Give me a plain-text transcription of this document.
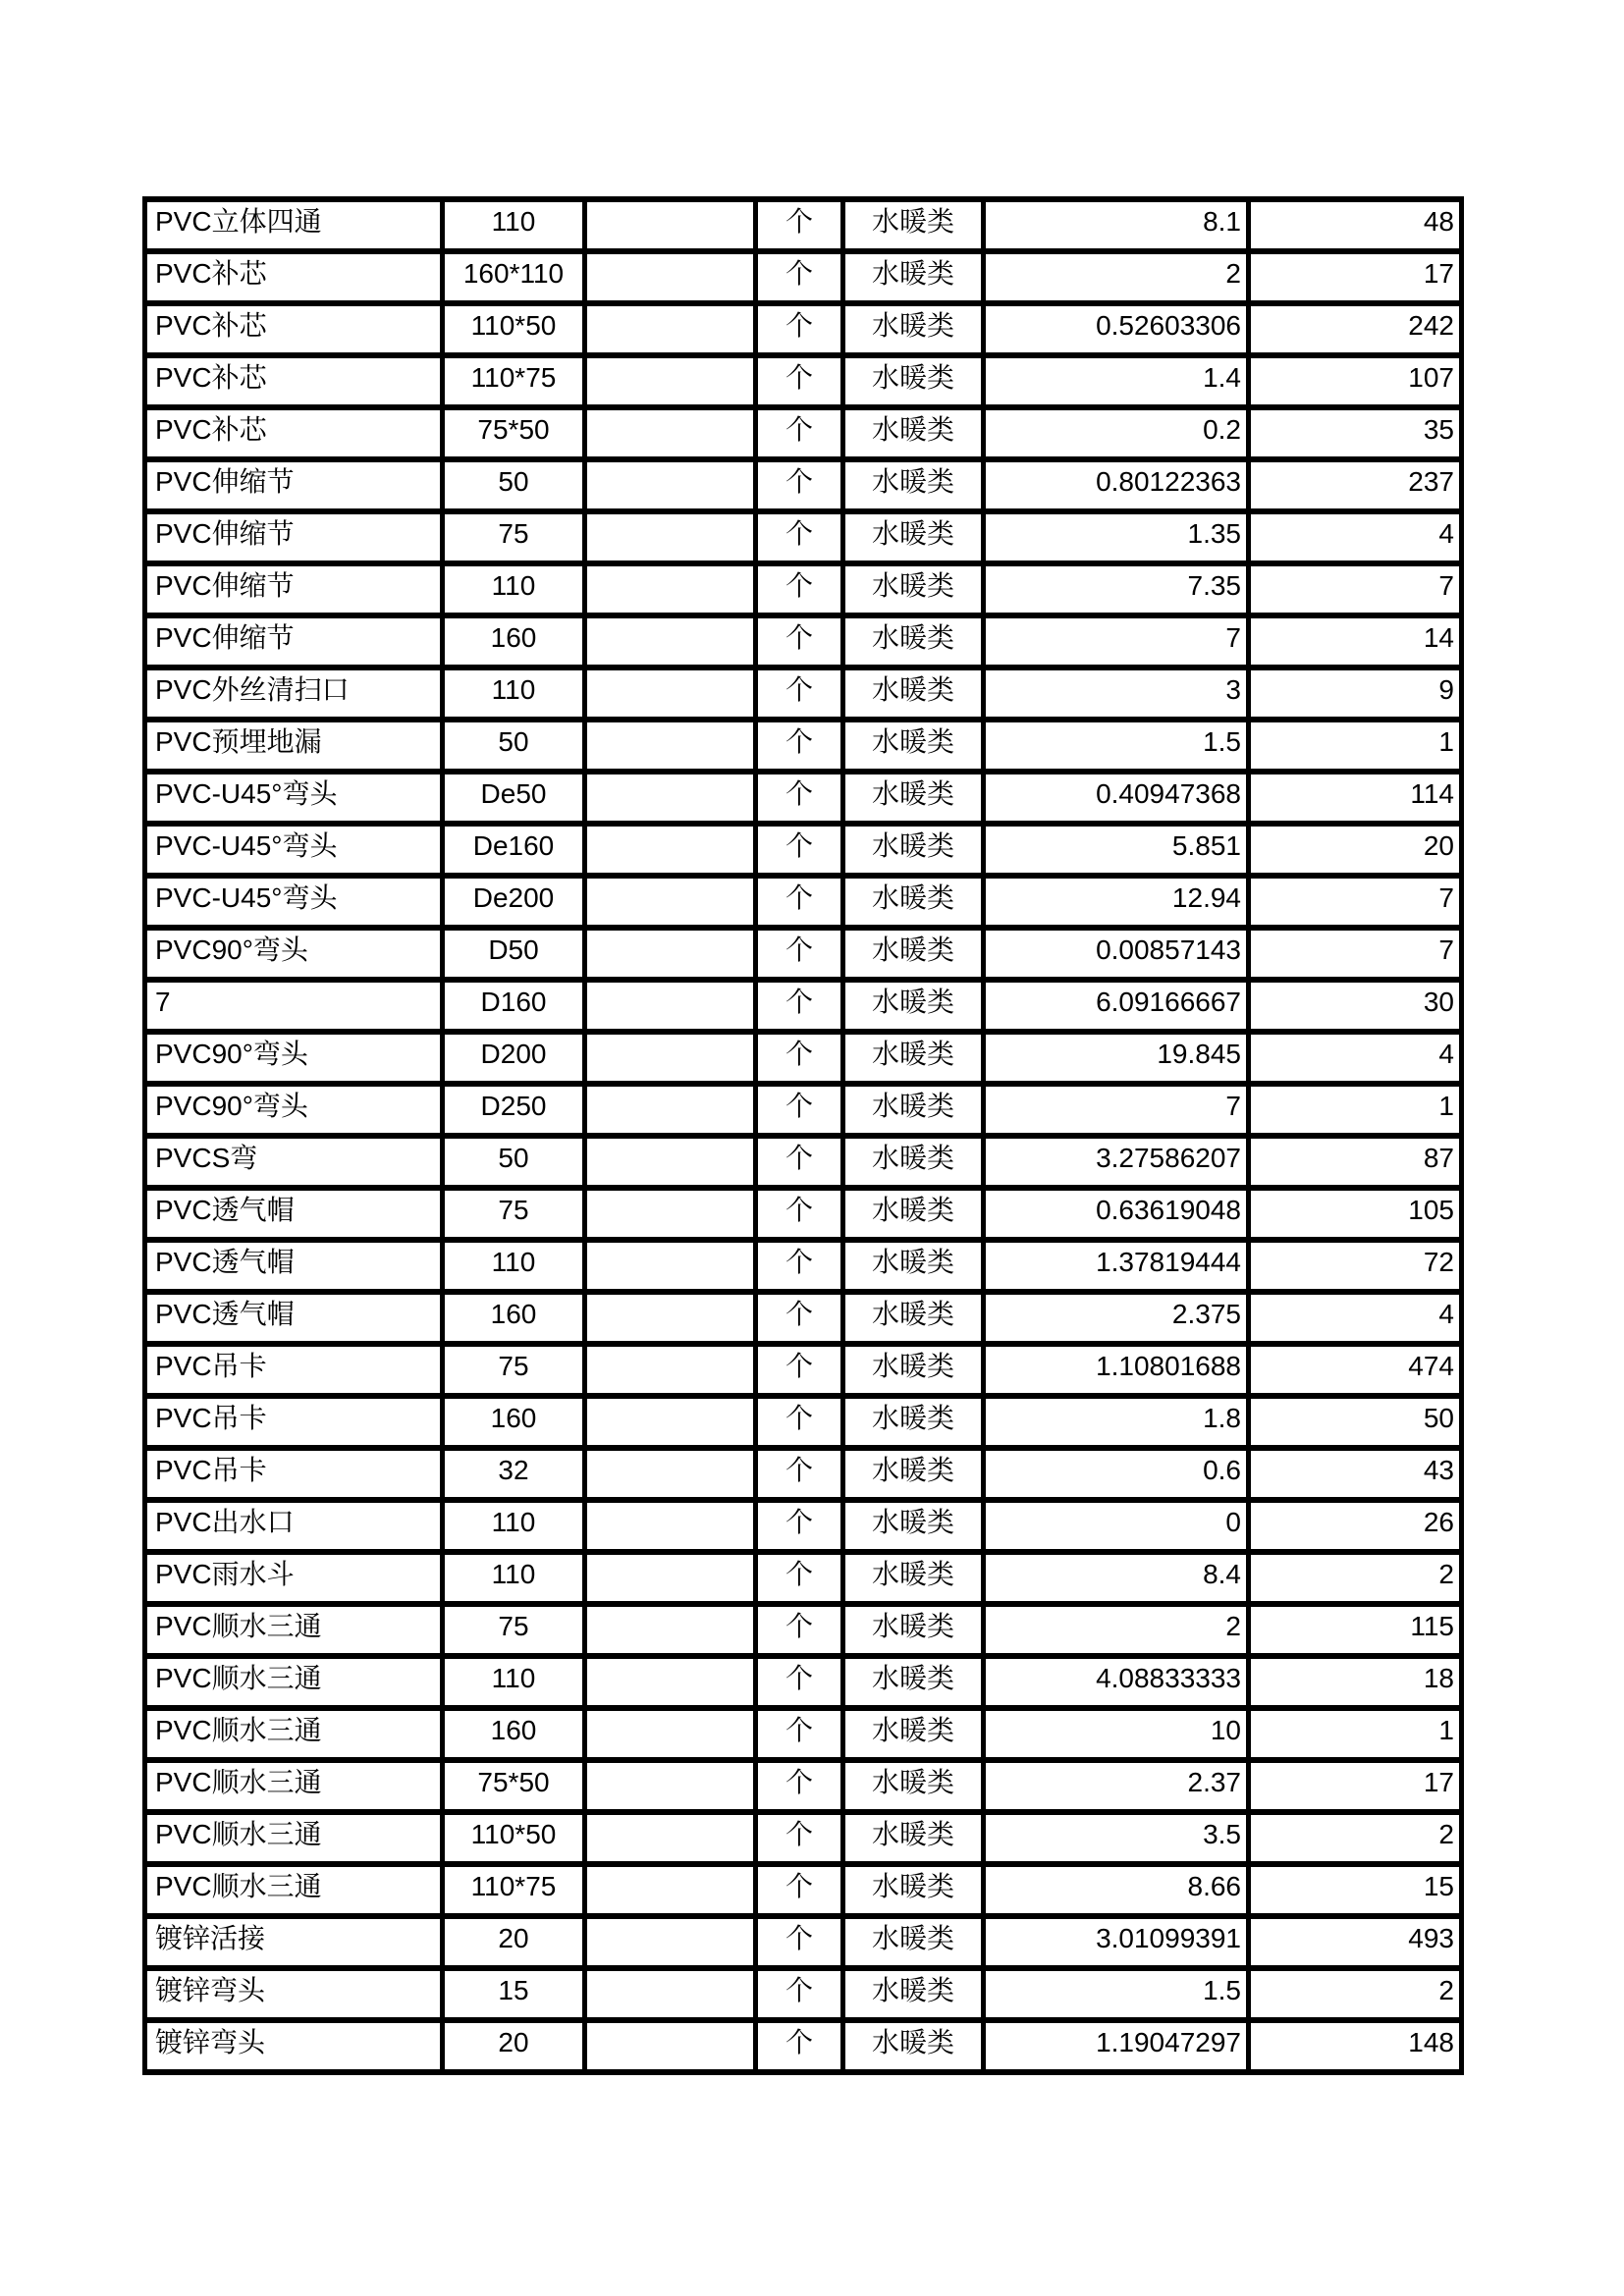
PVC立体四通	110		个	水暖类	8.1	48
PVC补芯	160*110		个	水暖类	2	17
PVC补芯	110*50		个	水暖类	0.52603306	242
PVC补芯	110*75		个	水暖类	1.4	107
PVC补芯	75*50		个	水暖类	0.2	35
PVC伸缩节	50		个	水暖类	0.80122363	237
PVC伸缩节	75		个	水暖类	1.35	4
PVC伸缩节	110		个	水暖类	7.35	7
PVC伸缩节	160		个	水暖类	7	14
PVC外丝清扫口	110		个	水暖类	3	9
PVC预埋地漏	50		个	水暖类	1.5	1
PVC-U45°弯头	De50		个	水暖类	0.40947368	114
PVC-U45°弯头	De160		个	水暖类	5.851	20
PVC-U45°弯头	De200		个	水暖类	12.94	7
PVC90°弯头	D50		个	水暖类	0.00857143	7
7	D160		个	水暖类	6.09166667	30
PVC90°弯头	D200		个	水暖类	19.845	4
PVC90°弯头	D250		个	水暖类	7	1
PVCS弯	50		个	水暖类	3.27586207	87
PVC透气帽	75		个	水暖类	0.63619048	105
PVC透气帽	110		个	水暖类	1.37819444	72
PVC透气帽	160		个	水暖类	2.375	4
PVC吊卡	75		个	水暖类	1.10801688	474
PVC吊卡	160		个	水暖类	1.8	50
PVC吊卡	32		个	水暖类	0.6	43
PVC出水口	110		个	水暖类	0	26
PVC雨水斗	110		个	水暖类	8.4	2
PVC顺水三通	75		个	水暖类	2	115
PVC顺水三通	110		个	水暖类	4.08833333	18
PVC顺水三通	160		个	水暖类	10	1
PVC顺水三通	75*50		个	水暖类	2.37	17
PVC顺水三通	110*50		个	水暖类	3.5	2
PVC顺水三通	110*75		个	水暖类	8.66	15
镀锌活接	20		个	水暖类	3.01099391	493
镀锌弯头	15		个	水暖类	1.5	2
镀锌弯头	20		个	水暖类	1.19047297	148
